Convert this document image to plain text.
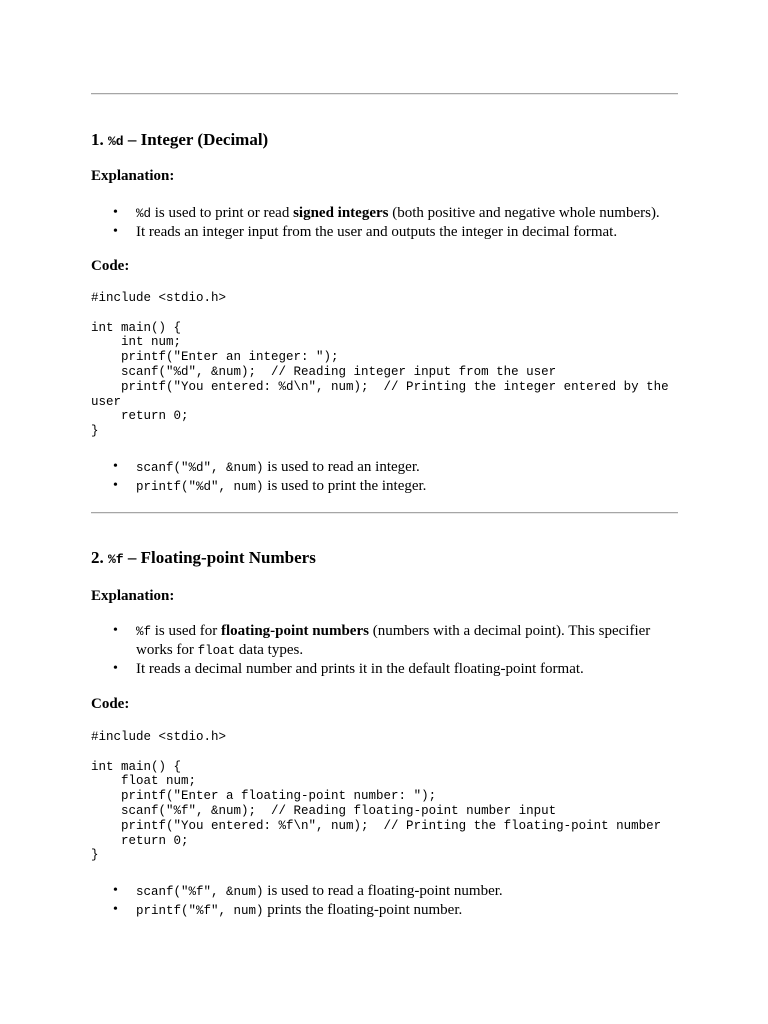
1. %d – Integer (Decimal)

Explanation:

• %d is used to print or read signed integers (both positive and negative whole numbers).
• It reads an integer input from the user and outputs the integer in decimal format.

Code:

#include <stdio.h>

int main() {
int num;
printf("Enter an integer: ");
scanf("%d", &num);  // Reading integer input from the user
printf("You entered: %d\n", num);  // Printing the integer entered by the user
return 0;
}
• scanf("%d", &num) is used to read an integer.
• printf("%d", num) is used to print the integer.
2. %f – Floating-point Numbers

Explanation:

• %f is used for floating-point numbers (numbers with a decimal point). This specifier works for float data types.
• It reads a decimal number and prints it in the default floating-point format.

Code:

#include <stdio.h>

int main() {
float num;
printf("Enter a floating-point number: ");
scanf("%f", &num);  // Reading floating-point number input
printf("You entered: %f\n", num);  // Printing the floating-point number
return 0;
}
• scanf("%f", &num) is used to read a floating-point number.
• printf("%f", num) prints the floating-point number.
